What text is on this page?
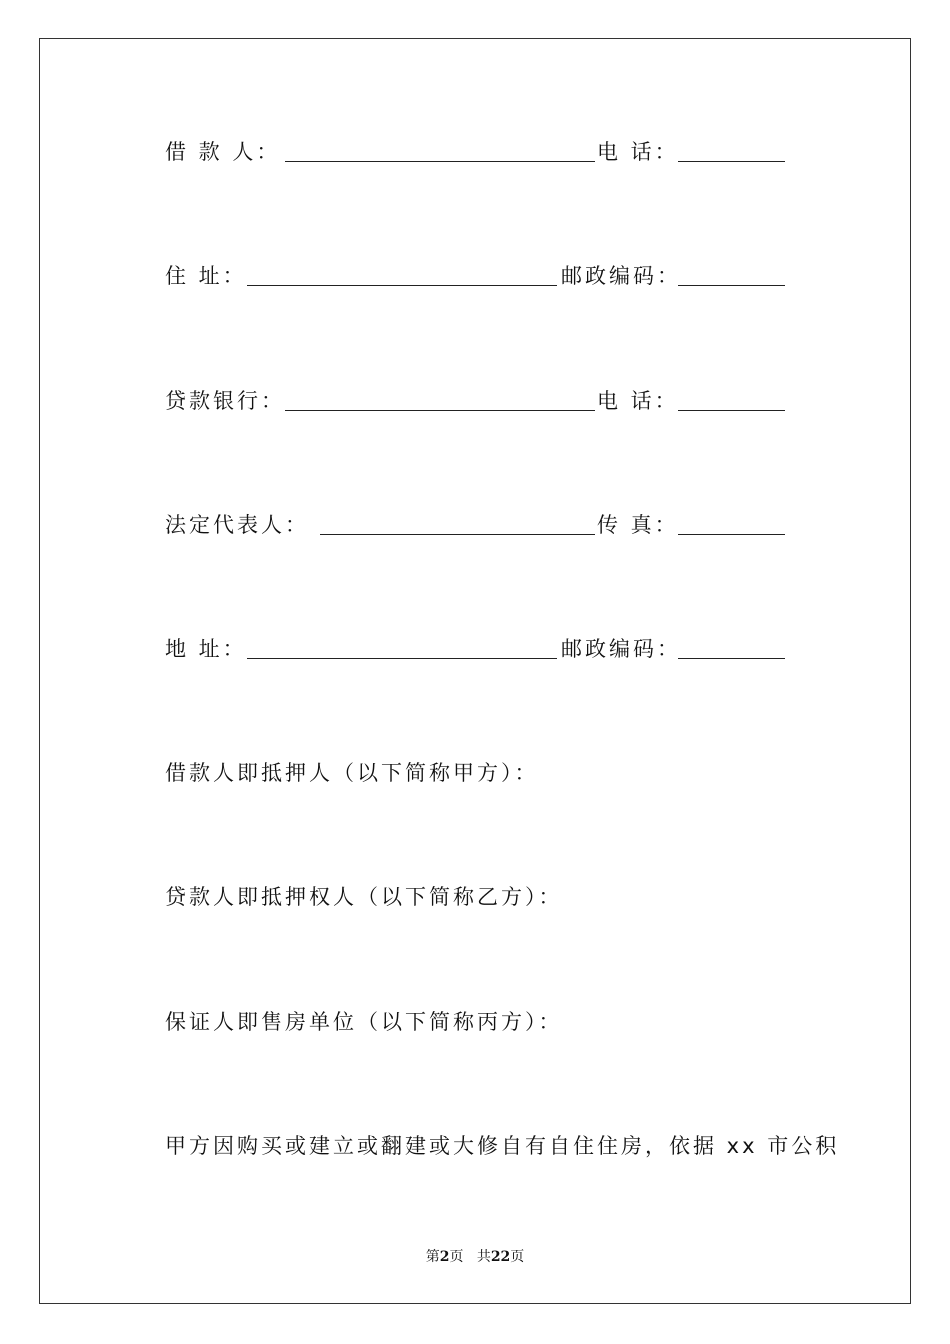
借 款 人：	电 话：
住 址：	邮政编码：
贷款银行：	电 话：
法定代表人：	传 真：
地 址：	邮政编码：
借款人即抵押人（以下简称甲方）：
贷款人即抵押权人（以下简称乙方）：
保证人即售房单位（以下简称丙方）：
甲方因购买或建立或翻建或大修自有自住住房，依据 xx 市公积
第2页 共22页
